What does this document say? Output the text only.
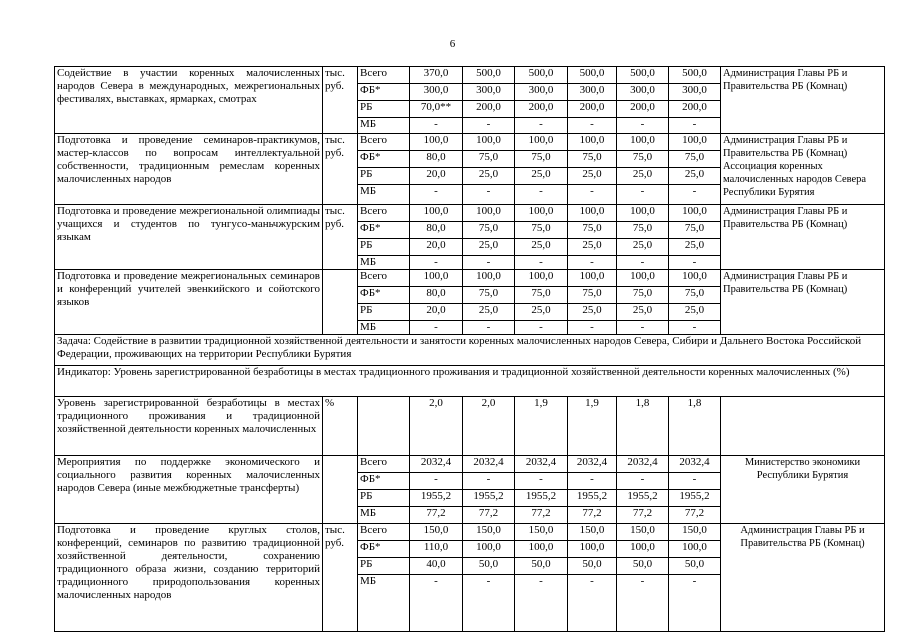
6
Содействие в участии коренных малочисленных народов Севера в международных, межрегиональных фестивалях, выставках, ярмарках, смотрах	тыс. руб.	Всего	370,0	500,0	500,0	500,0	500,0	500,0	Администрация Главы РБ и Правительства РБ (Комнац)
		ФБ*	300,0	300,0	300,0	300,0	300,0	300,0	
		РБ	70,0**	200,0	200,0	200,0	200,0	200,0	
		МБ	-	-	-	-	-	-	
Подготовка и проведение семинаров-практикумов, мастер-классов по вопросам интеллектуальной собственности, традиционным ремеслам коренных малочисленных народов	тыс. руб.	Всего	100,0	100,0	100,0	100,0	100,0	100,0	Администрация Главы РБ и Правительства РБ (Комнац) Ассоциация коренных малочисленных народов Севера Республики Бурятия
		ФБ*	80,0	75,0	75,0	75,0	75,0	75,0	
		РБ	20,0	25,0	25,0	25,0	25,0	25,0	
		МБ	-	-	-	-	-	-	
Подготовка и проведение межрегиональной олимпиады учащихся и студентов по тунгусо-маньчжурским языкам	тыс. руб.	Всего	100,0	100,0	100,0	100,0	100,0	100,0	Администрация Главы РБ и Правительства РБ (Комнац)
		ФБ*	80,0	75,0	75,0	75,0	75,0	75,0	
		РБ	20,0	25,0	25,0	25,0	25,0	25,0	
		МБ	-	-	-	-	-	-	
Подготовка и проведение межрегиональных семинаров и конференций учителей эвенкийского и сойотского языков		Всего	100,0	100,0	100,0	100,0	100,0	100,0	Администрация Главы РБ и Правительства РБ (Комнац)
		ФБ*	80,0	75,0	75,0	75,0	75,0	75,0	
		РБ	20,0	25,0	25,0	25,0	25,0	25,0	
		МБ	-	-	-	-	-	-	
Задача: Содействие в развитии традиционной хозяйственной деятельности и занятости коренных малочисленных народов Севера, Сибири и Дальнего Востока Российской Федерации, проживающих на территории Республики Бурятия									
Индикатор: Уровень зарегистрированной безработицы в местах традиционного проживания и традиционной хозяйственной деятельности коренных малочисленных (%)									
Уровень зарегистрированной безработицы в местах традиционного проживания и традиционной хозяйственной деятельности коренных малочисленных	%		2,0	2,0	1,9	1,9	1,8	1,8	
Мероприятия по поддержке экономического и социального развития коренных малочисленных народов Севера (иные межбюджетные трансферты)		Всего	2032,4	2032,4	2032,4	2032,4	2032,4	2032,4	Министерство экономики Республики Бурятия
		ФБ*	-	-	-	-	-	-	
		РБ	1955,2	1955,2	1955,2	1955,2	1955,2	1955,2	
		МБ	77,2	77,2	77,2	77,2	77,2	77,2	
Подготовка и проведение круглых столов, конференций, семинаров по развитию традиционной хозяйственной деятельности, сохранению традиционного образа жизни, созданию территорий традиционного природопользования коренных малочисленных народов	тыс. руб.	Всего	150,0	150,0	150,0	150,0	150,0	150,0	Администрация Главы РБ и Правительства РБ (Комнац)
		ФБ*	110,0	100,0	100,0	100,0	100,0	100,0	
		РБ	40,0	50,0	50,0	50,0	50,0	50,0	
		МБ	-	-	-	-	-	-	
